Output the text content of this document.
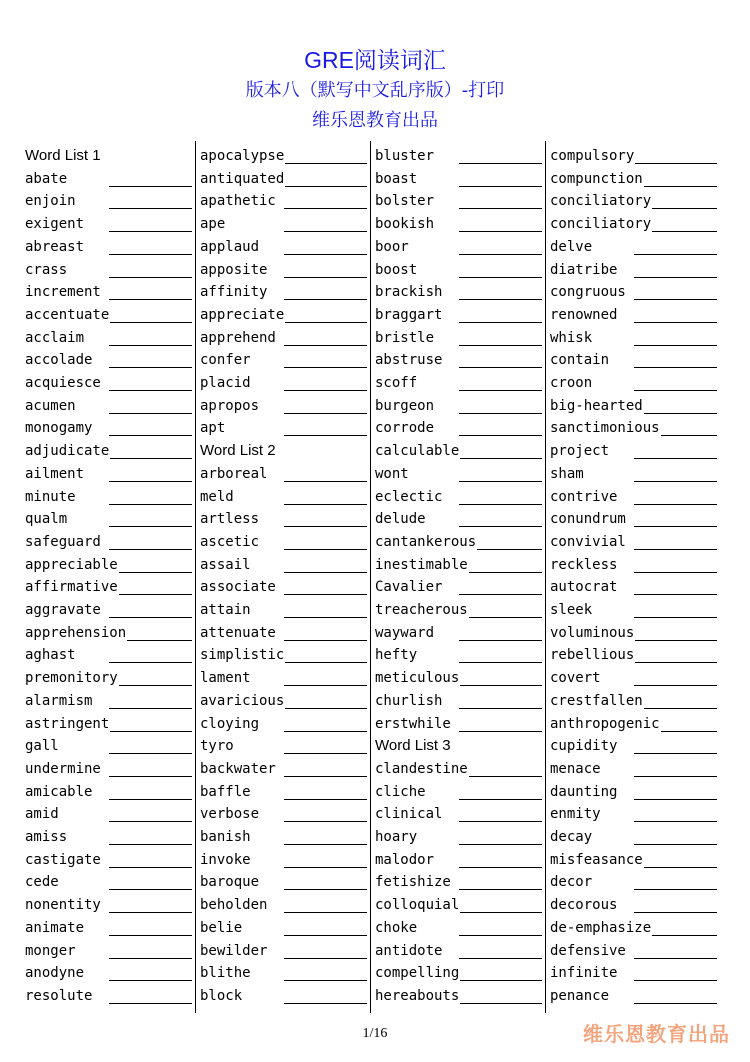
GRE阅读词汇
版本八（默写中文乱序版）-打印
维乐恩教育出品
Word List 1
abate
enjoin
exigent
abreast
crass
increment
accentuate
acclaim
accolade
acquiesce
acumen
monogamy
adjudicate
ailment
minute
qualm
safeguard
appreciable
affirmative
aggravate
apprehension
aghast
premonitory
alarmism
astringent
gall
undermine
amicable
amid
amiss
castigate
cede
nonentity
animate
monger
anodyne
resolute
apocalypse
antiquated
apathetic
ape
applaud
apposite
affinity
appreciate
apprehend
confer
placid
apropos
apt
Word List 2
arboreal
meld
artless
ascetic
assail
associate
attain
attenuate
simplistic
lament
avaricious
cloying
tyro
backwater
baffle
verbose
banish
invoke
baroque
beholden
belie
bewilder
blithe
block
bluster
boast
bolster
bookish
boor
boost
brackish
braggart
bristle
abstruse
scoff
burgeon
corrode
calculable
wont
eclectic
delude
cantankerous
inestimable
Cavalier
treacherous
wayward
hefty
meticulous
churlish
erstwhile
Word List 3
clandestine
cliche
clinical
hoary
malodor
fetishize
colloquial
choke
antidote
compelling
hereabouts
compulsory
compunction
conciliatory
conciliatory
delve
diatribe
congruous
renowned
whisk
contain
croon
big-hearted
sanctimonious
project
sham
contrive
conundrum
convivial
reckless
autocrat
sleek
voluminous
rebellious
covert
crestfallen
anthropogenic
cupidity
menace
daunting
enmity
decay
misfeasance
decor
decorous
de-emphasize
defensive
infinite
penance
1/16	维乐恩教育出品
